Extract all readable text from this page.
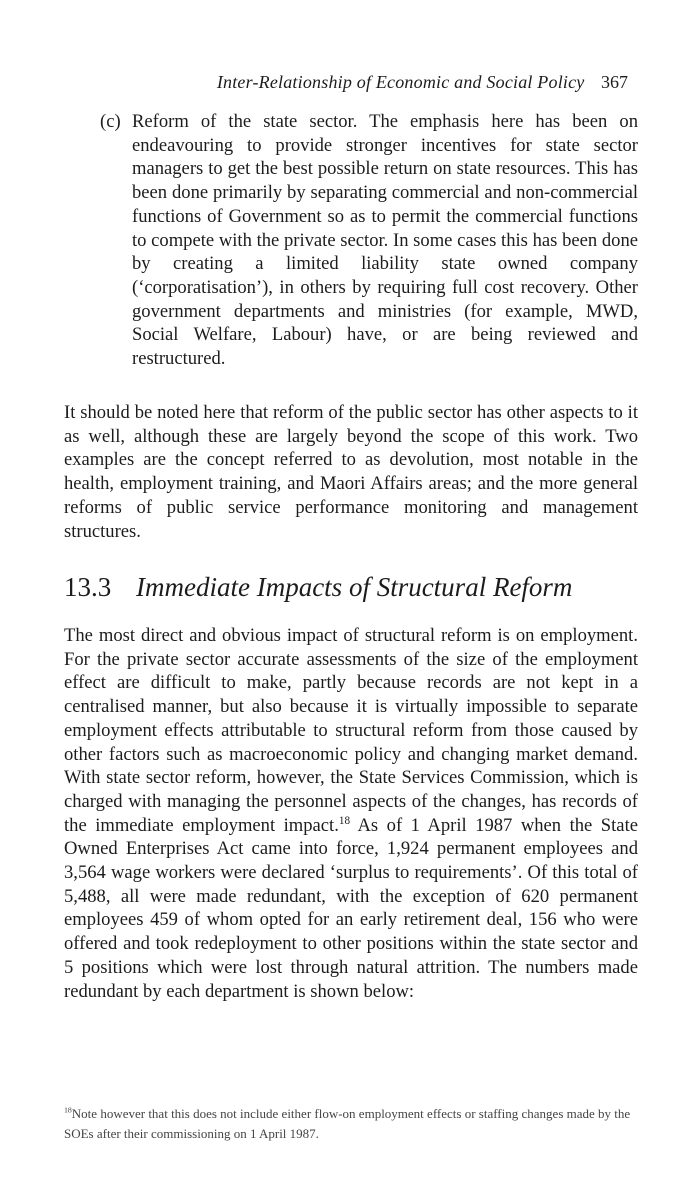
Inter-Relationship of Economic and Social Policy 367
(c) Reform of the state sector. The emphasis here has been on endeavouring to provide stronger incentives for state sector managers to get the best possible return on state resources. This has been done primarily by separating commercial and non-commercial functions of Government so as to permit the commercial functions to compete with the private sector. In some cases this has been done by creating a limited liability state owned company (‘corporatisation’), in others by requiring full cost recovery. Other government departments and ministries (for example, MWD, Social Welfare, Labour) have, or are being reviewed and restructured.
It should be noted here that reform of the public sector has other aspects to it as well, although these are largely beyond the scope of this work. Two examples are the concept referred to as devolution, most notable in the health, employment training, and Maori Affairs areas; and the more general reforms of public service performance monitoring and management structures.
13.3 Immediate Impacts of Structural Reform
The most direct and obvious impact of structural reform is on employment. For the private sector accurate assessments of the size of the employment effect are difficult to make, partly because records are not kept in a centralised manner, but also because it is virtually impossible to separate employment effects attributable to structural reform from those caused by other factors such as macroeconomic policy and changing market demand. With state sector reform, however, the State Services Commission, which is charged with managing the personnel aspects of the changes, has records of the immediate employment impact.$^{18}$ As of 1 April 1987 when the State Owned Enterprises Act came into force, 1,924 permanent employees and 3,564 wage workers were declared ‘surplus to requirements’. Of this total of 5,488, all were made redundant, with the exception of 620 permanent employees 459 of whom opted for an early retirement deal, 156 who were offered and took redeployment to other positions within the state sector and 5 positions which were lost through natural attrition. The numbers made redundant by each department is shown below:
$^{18}$Note however that this does not include either flow-on employment effects or staffing changes made by the SOEs after their commissioning on 1 April 1987.
